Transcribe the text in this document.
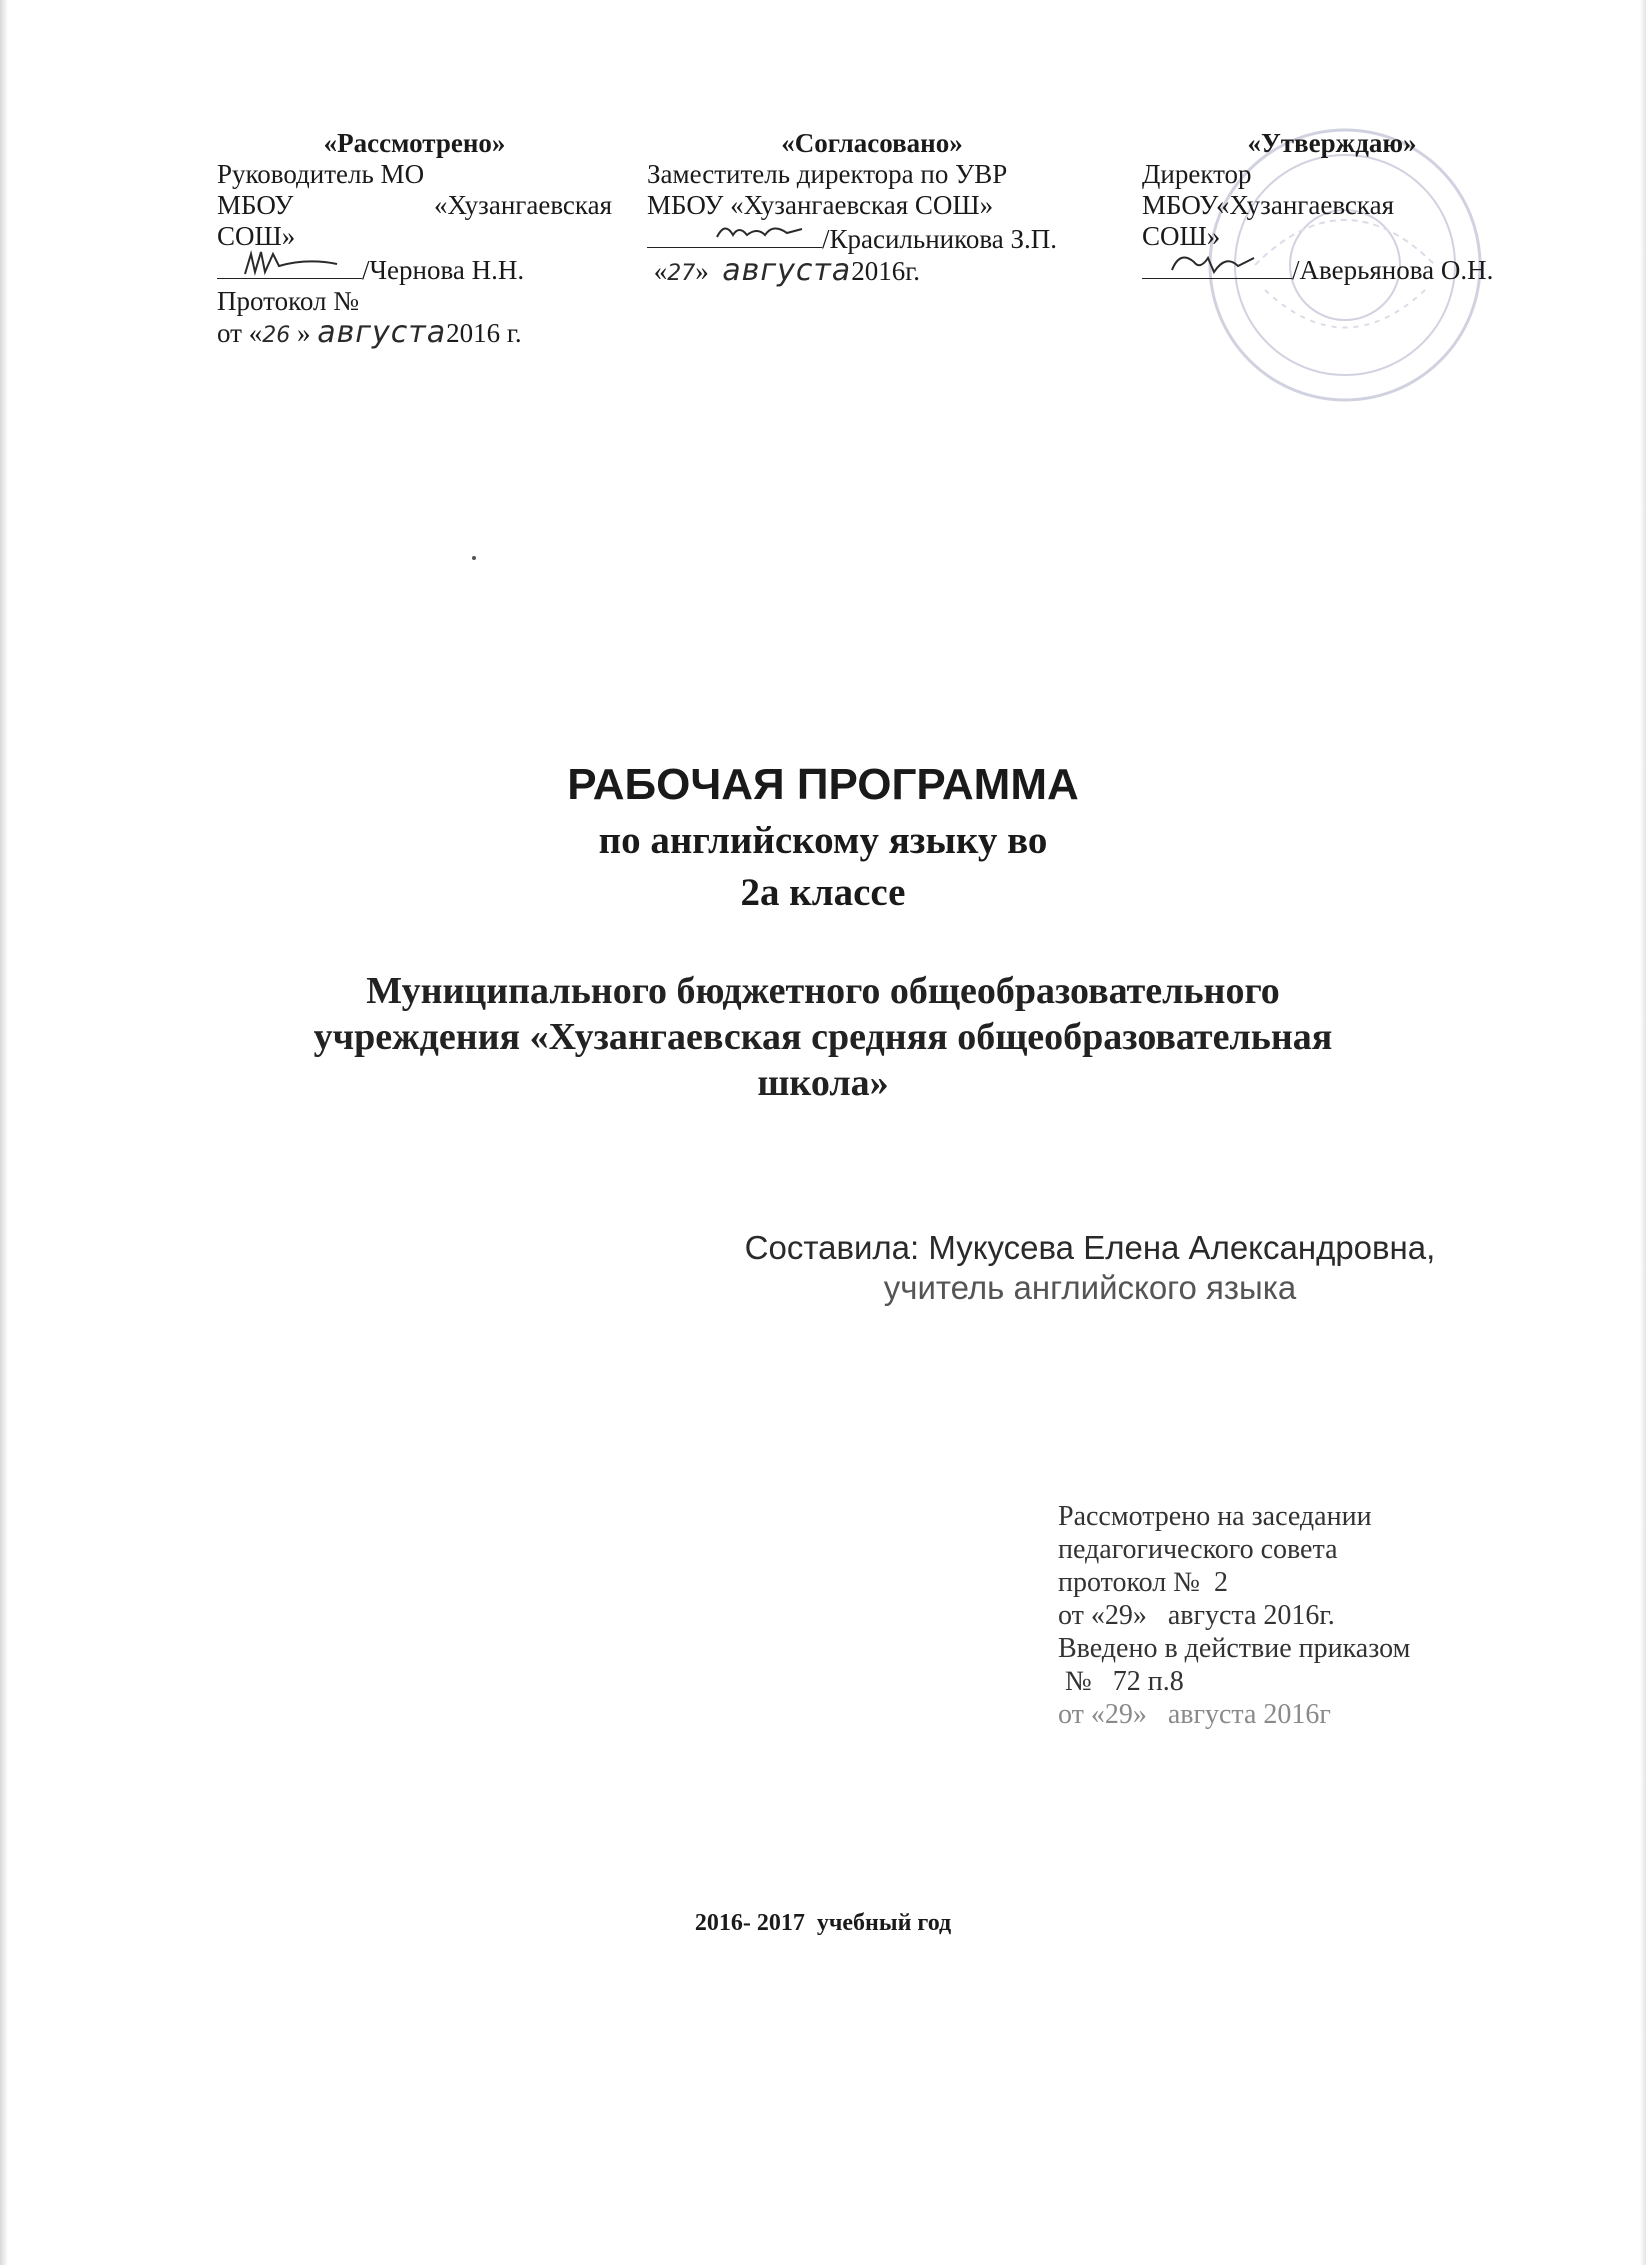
«Рассмотрено»
Руководитель МО
МБОУ	«Хузангаевская
СОШ»
/Чернова Н.Н.
Протокол №
от «26 » августа2016 г.
«Согласовано»
Заместитель директора по УВР
МБОУ «Хузангаевская СОШ»
/Красильникова З.П.
«27» августа2016г.
«Утверждаю»
Директор
МБОУ«Хузангаевская
СОШ»
/Аверьянова О.Н.
РАБОЧАЯ ПРОГРАММА
по английскому языку во
2а классе
Муниципального бюджетного общеобразовательного
учреждения «Хузангаевская средняя общеобразовательная
школа»
Составила: Мукусева Елена Александровна,
учитель английского языка
Рассмотрено на заседании
педагогического совета
протокол №  2
от «29»   августа 2016г.
Введено в действие приказом
№   72 п.8
от «29»   августа 2016г
2016- 2017  учебный год
